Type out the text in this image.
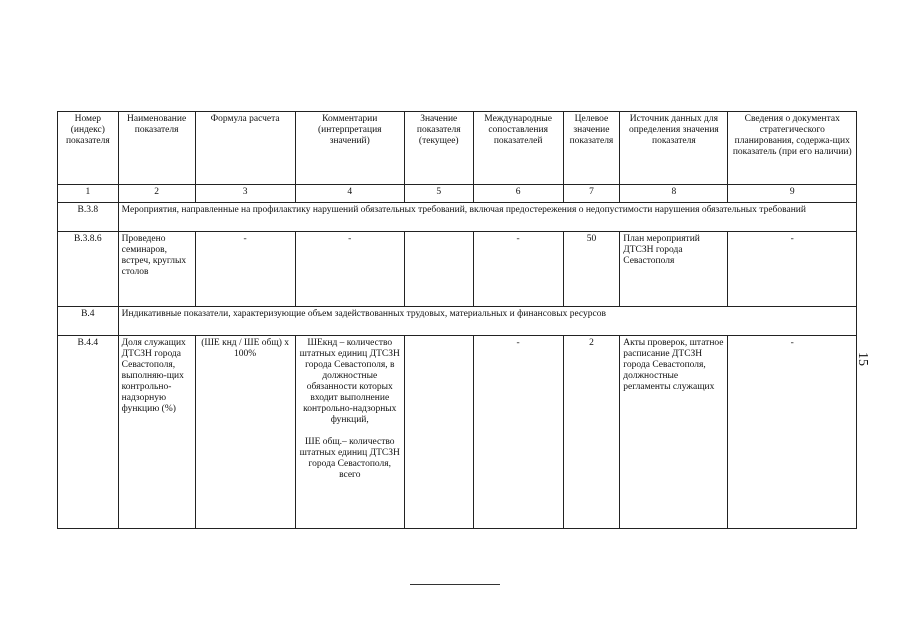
Номер (индекс) показателя	Наименование показателя	Формула расчета	Комментарии (интерпретация значений)	Значение показателя (текущее)	Международные сопоставления показателей	Целевое значение показателя	Источник данных для определения значения показателя	Сведения о документах стратегического планирования, содержа-щих показатель (при его наличии)
1	2	3	4	5	6	7	8	9
В.3.8	Мероприятия, направленные на профилактику нарушений обязательных требований, включая предостережения о недопустимости нарушения обязательных требований							
В.3.8.6	Проведено семинаров, встреч, круглых столов	-	-		-	50	План мероприятий ДТСЗН города Севастополя	-
В.4	Индикативные показатели, характеризующие объем задействованных трудовых, материальных и финансовых ресурсов							
В.4.4	Доля служащих ДТСЗН города Севастополя, выполняю-щих контрольно-надзорную функцию (%)	(ШЕ кнд / ШЕ общ) х 100%	ШЕкнд – количество штатных единиц ДТСЗН города Севастополя, в должностные обязанности которых входит выполнение контрольно-надзорных функций,
ШЕ общ.– количество штатных единиц ДТСЗН города Севастополя, всего		-	2	Акты проверок, штатное расписание ДТСЗН города Севастополя, должностные регламенты служащих	-
15
